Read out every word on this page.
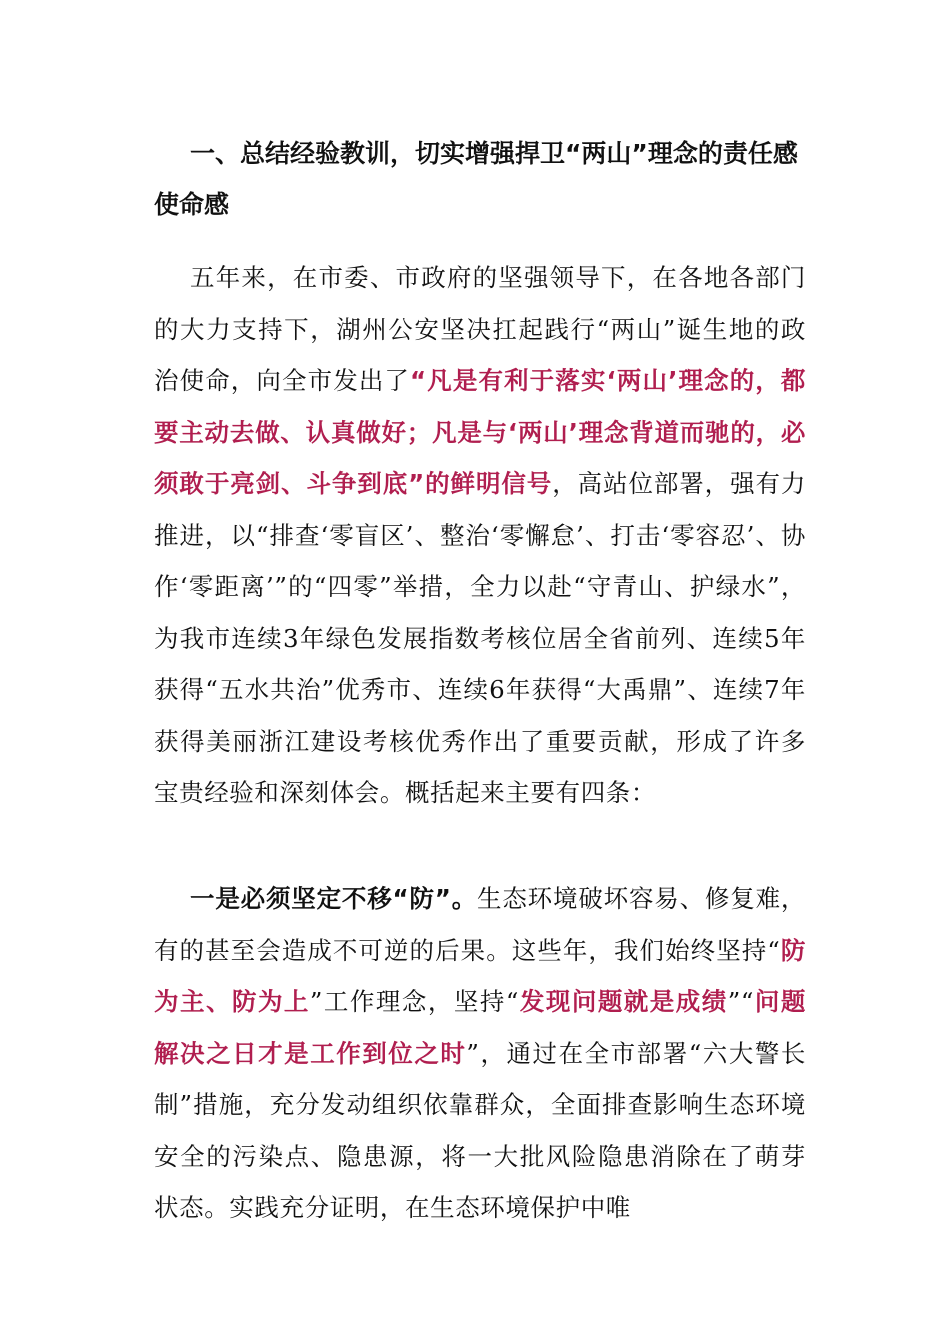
一、总结经验教训，切实增强捍卫“两山”理念的责任感使命感

五年来，在市委、市政府的坚强领导下，在各地各部门的大力支持下，湖州公安坚决扛起践行“两山”诞生地的政治使命，向全市发出了“凡是有利于落实‘两山’理念的，都要主动去做、认真做好；凡是与‘两山’理念背道而驰的，必须敢于亮剑、斗争到底”的鲜明信号，高站位部署，强有力推进，以“排查‘零盲区’、整治‘零懈怠’、打击‘零容忍’、协作‘零距离’”的“四零”举措，全力以赴“守青山、护绿水”，为我市连续3年绿色发展指数考核位居全省前列、连续5年获得“五水共治”优秀市、连续6年获得“大禹鼎”、连续7年获得美丽浙江建设考核优秀作出了重要贡献，形成了许多宝贵经验和深刻体会。概括起来主要有四条：

一是必须坚定不移“防”。生态环境破坏容易、修复难，有的甚至会造成不可逆的后果。这些年，我们始终坚持“防为主、防为上”工作理念，坚持“发现问题就是成绩”“问题解决之日才是工作到位之时”，通过在全市部署“六大警长制”措施，充分发动组织依靠群众，全面排查影响生态环境安全的污染点、隐患源，将一大批风险隐患消除在了萌芽状态。实践充分证明，在生态环境保护中唯
